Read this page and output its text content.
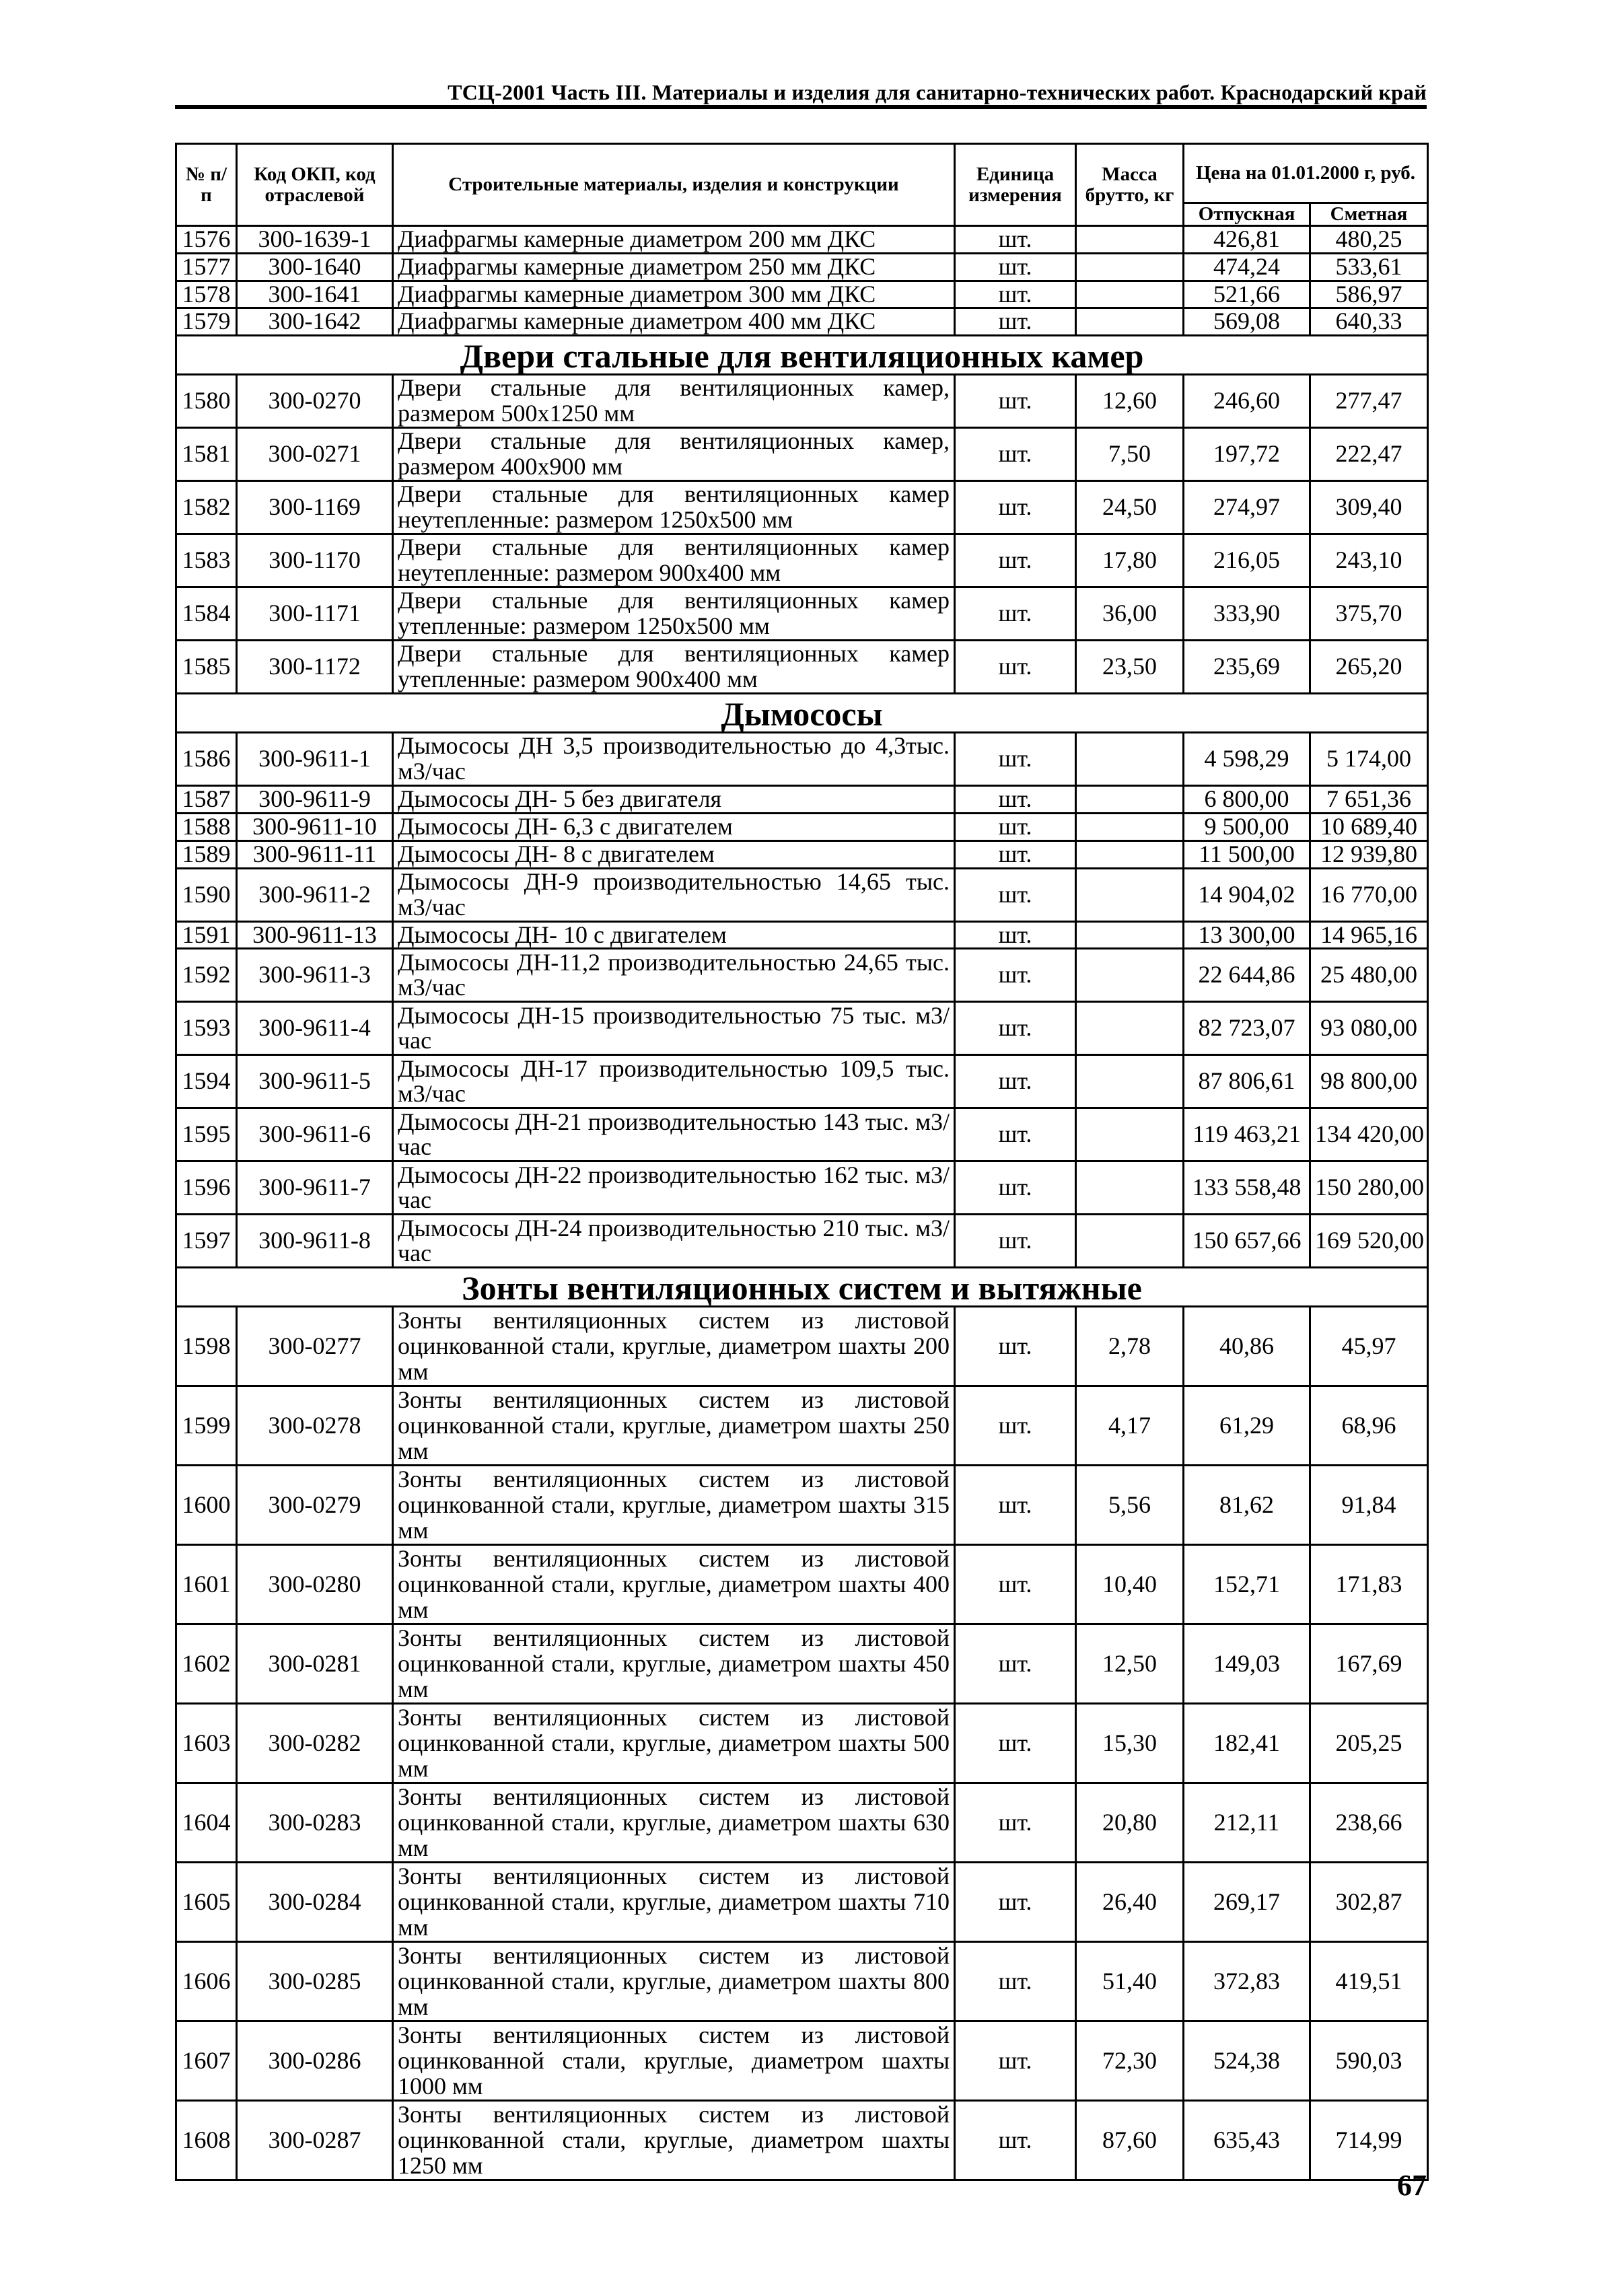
ТСЦ-2001 Часть III. Материалы и изделия для санитарно-технических работ. Краснодарский край
№ п/п	Код ОКП, код отраслевой	Строительные материалы, изделия и конструкции	Единица измерения	Масса брутто, кг	Цена на 01.01.2000 г, руб.	
					Отпускная	Сметная
1576	300-1639-1	Диафрагмы камерные диаметром 200 мм ДКС	шт.		426,81	480,25
1577	300-1640	Диафрагмы камерные диаметром 250 мм ДКС	шт.		474,24	533,61
1578	300-1641	Диафрагмы камерные диаметром 300 мм ДКС	шт.		521,66	586,97
1579	300-1642	Диафрагмы камерные диаметром 400 мм ДКС	шт.		569,08	640,33
Двери стальные для вентиляционных камер						
1580	300-0270	Двери стальные для вентиляционных камер, размером 500х1250 мм	шт.	12,60	246,60	277,47
1581	300-0271	Двери стальные для вентиляционных камер, размером 400х900 мм	шт.	7,50	197,72	222,47
1582	300-1169	Двери стальные для вентиляционных камер неутепленные: размером 1250х500 мм	шт.	24,50	274,97	309,40
1583	300-1170	Двери стальные для вентиляционных камер неутепленные: размером 900х400 мм	шт.	17,80	216,05	243,10
1584	300-1171	Двери стальные для вентиляционных камер утепленные: размером 1250х500 мм	шт.	36,00	333,90	375,70
1585	300-1172	Двери стальные для вентиляционных камер утепленные: размером 900х400 мм	шт.	23,50	235,69	265,20
Дымососы						
1586	300-9611-1	Дымососы ДН 3,5 производительностью до 4,3тыс. м3/час	шт.		4 598,29	5 174,00
1587	300-9611-9	Дымососы ДН- 5 без двигателя	шт.		6 800,00	7 651,36
1588	300-9611-10	Дымососы ДН- 6,3 с двигателем	шт.		9 500,00	10 689,40
1589	300-9611-11	Дымососы ДН- 8 с двигателем	шт.		11 500,00	12 939,80
1590	300-9611-2	Дымососы ДН-9 производительностью 14,65 тыс. м3/час	шт.		14 904,02	16 770,00
1591	300-9611-13	Дымососы ДН- 10 с двигателем	шт.		13 300,00	14 965,16
1592	300-9611-3	Дымососы ДН-11,2 производительностью 24,65 тыс. м3/час	шт.		22 644,86	25 480,00
1593	300-9611-4	Дымососы ДН-15 производительностью 75 тыс. м3/час	шт.		82 723,07	93 080,00
1594	300-9611-5	Дымососы ДН-17 производительностью 109,5 тыс. м3/час	шт.		87 806,61	98 800,00
1595	300-9611-6	Дымососы ДН-21 производительностью 143 тыс. м3/час	шт.		119 463,21	134 420,00
1596	300-9611-7	Дымососы ДН-22 производительностью 162 тыс. м3/час	шт.		133 558,48	150 280,00
1597	300-9611-8	Дымососы ДН-24 производительностью 210 тыс. м3/час	шт.		150 657,66	169 520,00
Зонты вентиляционных систем и вытяжные						
1598	300-0277	Зонты вентиляционных систем из листовой оцинкованной стали, круглые, диаметром шахты 200 мм	шт.	2,78	40,86	45,97
1599	300-0278	Зонты вентиляционных систем из листовой оцинкованной стали, круглые, диаметром шахты 250 мм	шт.	4,17	61,29	68,96
1600	300-0279	Зонты вентиляционных систем из листовой оцинкованной стали, круглые, диаметром шахты 315 мм	шт.	5,56	81,62	91,84
1601	300-0280	Зонты вентиляционных систем из листовой оцинкованной стали, круглые, диаметром шахты 400 мм	шт.	10,40	152,71	171,83
1602	300-0281	Зонты вентиляционных систем из листовой оцинкованной стали, круглые, диаметром шахты 450 мм	шт.	12,50	149,03	167,69
1603	300-0282	Зонты вентиляционных систем из листовой оцинкованной стали, круглые, диаметром шахты 500 мм	шт.	15,30	182,41	205,25
1604	300-0283	Зонты вентиляционных систем из листовой оцинкованной стали, круглые, диаметром шахты 630 мм	шт.	20,80	212,11	238,66
1605	300-0284	Зонты вентиляционных систем из листовой оцинкованной стали, круглые, диаметром шахты 710 мм	шт.	26,40	269,17	302,87
1606	300-0285	Зонты вентиляционных систем из листовой оцинкованной стали, круглые, диаметром шахты 800 мм	шт.	51,40	372,83	419,51
1607	300-0286	Зонты вентиляционных систем из листовой оцинкованной стали, круглые, диаметром шахты 1000 мм	шт.	72,30	524,38	590,03
1608	300-0287	Зонты вентиляционных систем из листовой оцинкованной стали, круглые, диаметром шахты 1250 мм	шт.	87,60	635,43	714,99
67
